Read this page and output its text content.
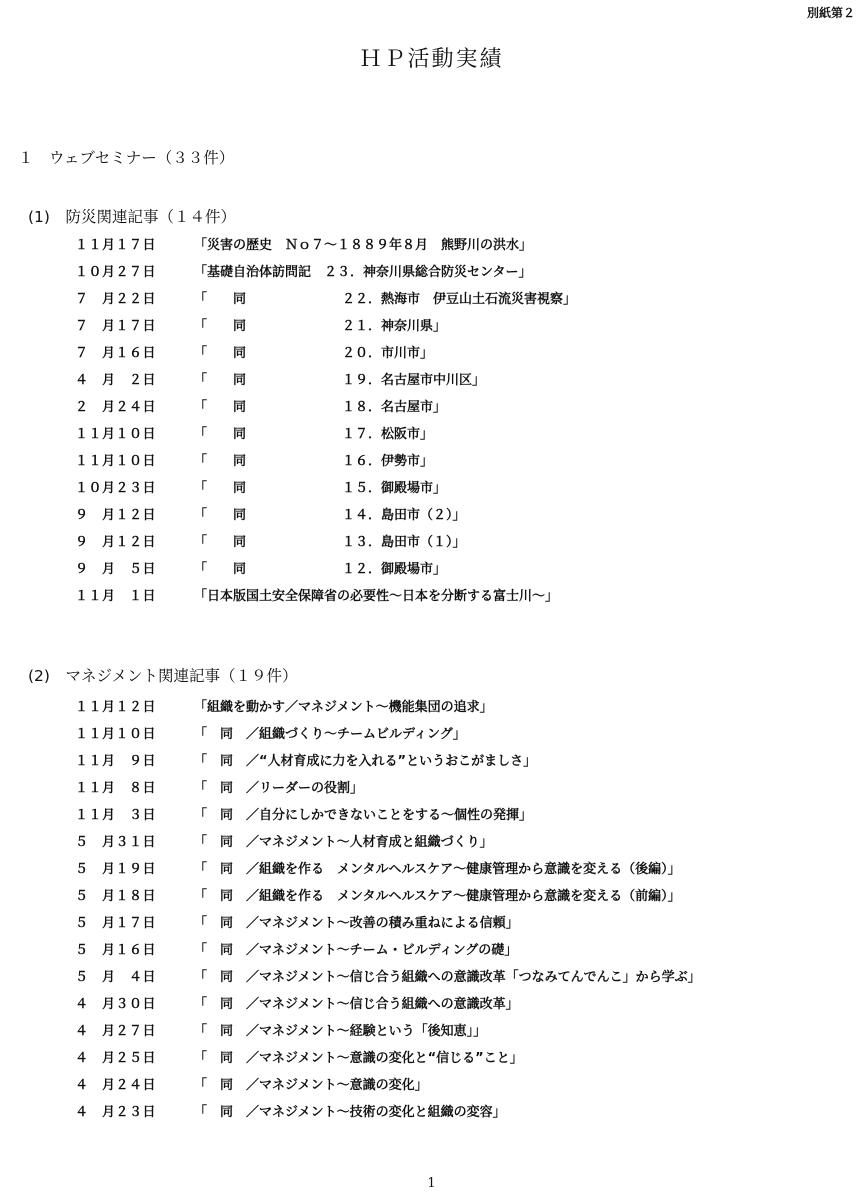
別紙第２
ＨＰ活動実績
１　ウェブセミナー（３３件）
(1)　防災関連記事（１４件）
１１月１７日	「災害の歴史　Ｎｏ７～１８８９年８月　熊野川の洪水」
１０月２７日	「基礎自治体訪問記　２３．神奈川県総合防災センター」
７　月２２日	「　　同	２２．熱海市　伊豆山土石流災害視察」
７　月１７日	「　　同	２１．神奈川県」
７　月１６日	「　　同	２０．市川市」
４　月　２日	「　　同	１９．名古屋市中川区」
２　月２４日	「　　同	１８．名古屋市」
１１月１０日	「　　同	１７．松阪市」
１１月１０日	「　　同	１６．伊勢市」
１０月２３日	「　　同	１５．御殿場市」
９　月１２日	「　　同	１４．島田市（２）」
９　月１２日	「　　同	１３．島田市（１）」
９　月　５日	「　　同	１２．御殿場市」
１１月　１日	「日本版国土安全保障省の必要性～日本を分断する富士川～」
(2)　マネジメント関連記事（１９件）
１１月１２日	「組織を動かす／マネジメント～機能集団の追求」
１１月１０日	「　同　／組織づくり～チームビルディング」
１１月　９日	「　同　／“人材育成に力を入れる”というおこがましさ」
１１月　８日	「　同　／リーダーの役割」
１１月　３日	「　同　／自分にしかできないことをする～個性の発揮」
５　月３１日	「　同　／マネジメント～人材育成と組織づくり」
５　月１９日	「　同　／組織を作る　メンタルヘルスケア～健康管理から意識を変える（後編）」
５　月１８日	「　同　／組織を作る　メンタルヘルスケア～健康管理から意識を変える（前編）」
５　月１７日	「　同　／マネジメント～改善の積み重ねによる信頼」
５　月１６日	「　同　／マネジメント～チーム・ビルディングの礎」
５　月　４日	「　同　／マネジメント～信じ合う組織への意識改革「つなみてんでんこ」から学ぶ」
４　月３０日	「　同　／マネジメント～信じ合う組織への意識改革」
４　月２７日	「　同　／マネジメント～経験という「後知恵」」
４　月２５日	「　同　／マネジメント～意識の変化と“信じる”こと」
４　月２４日	「　同　／マネジメント～意識の変化」
４　月２３日	「　同　／マネジメント～技術の変化と組織の変容」
1
